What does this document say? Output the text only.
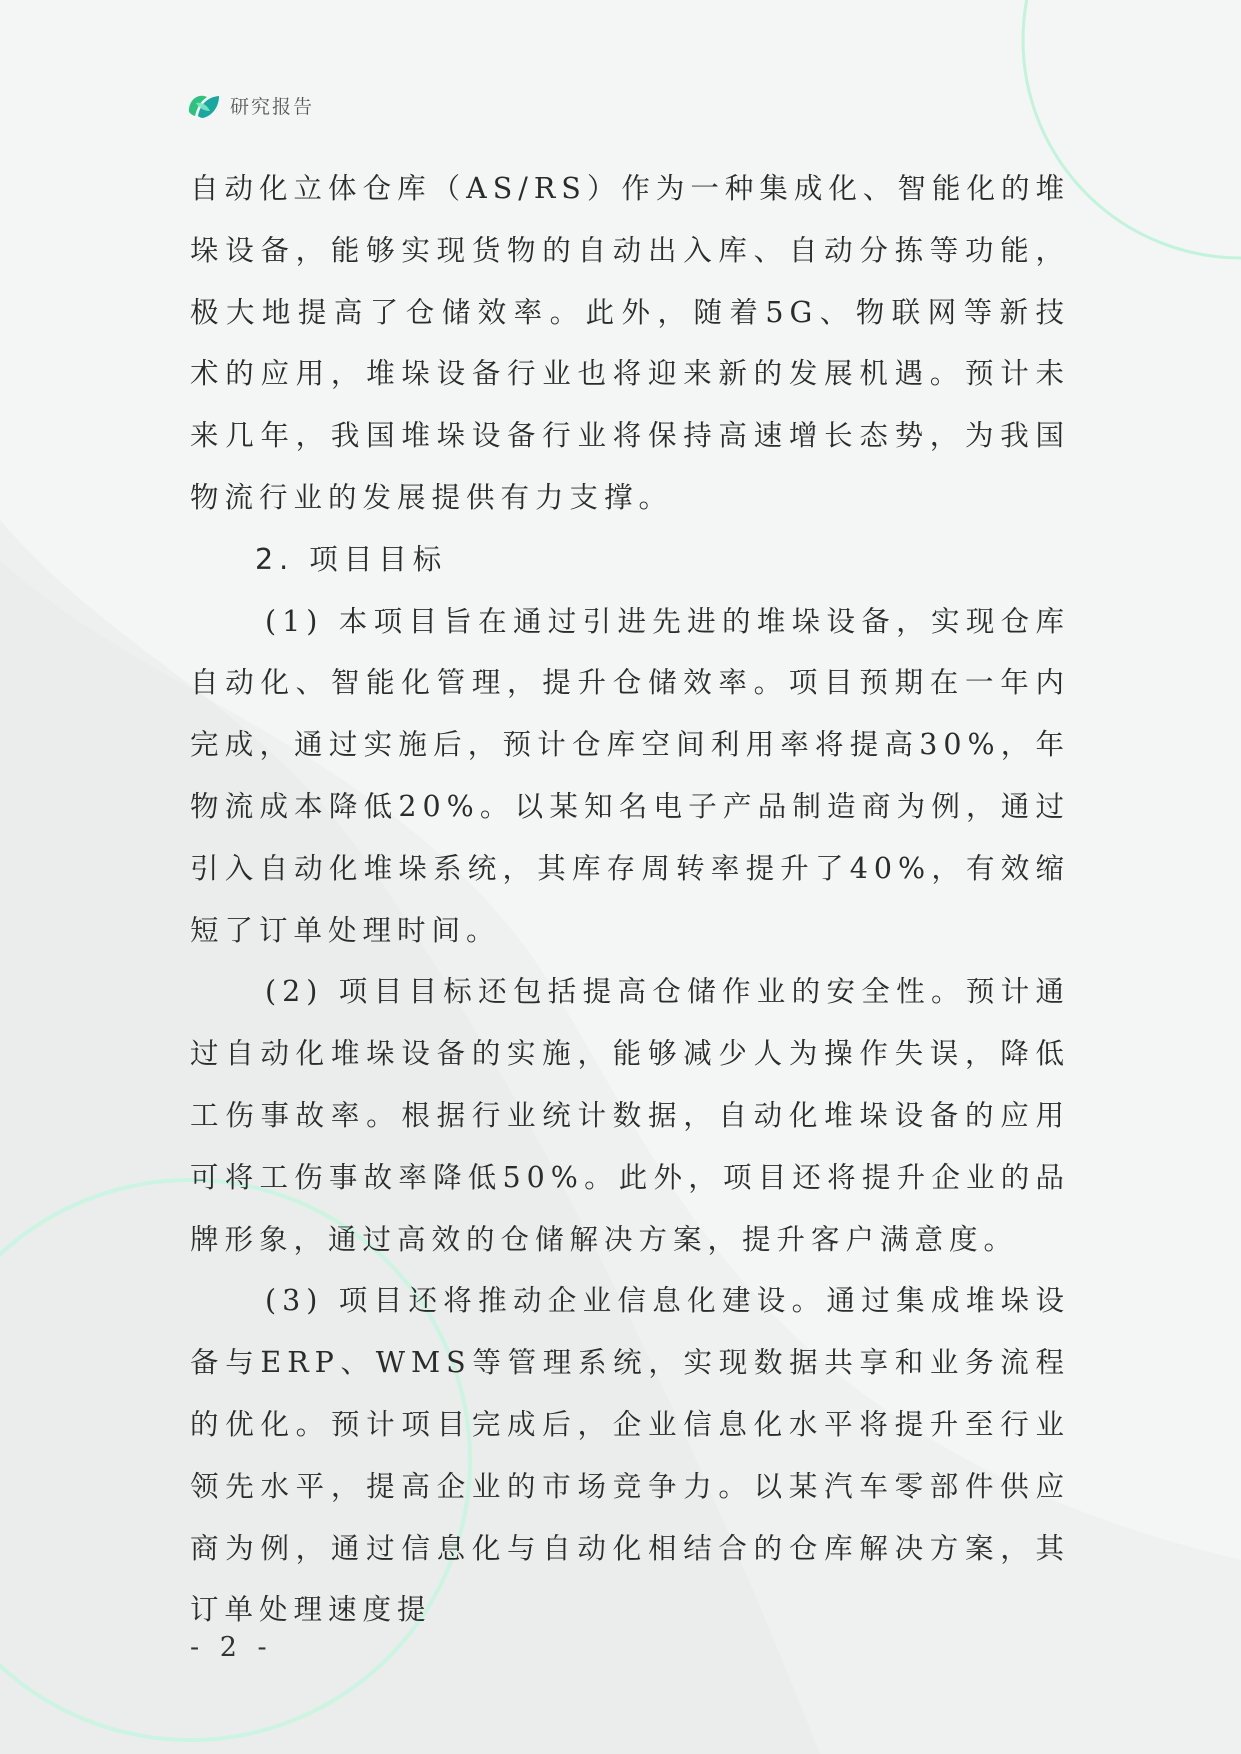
研究报告

自动化立体仓库（AS/RS）作为一种集成化、智能化的堆垛设备，能够实现货物的自动出入库、自动分拣等功能，极大地提高了仓储效率。此外，随着5G、物联网等新技术的应用，堆垛设备行业也将迎来新的发展机遇。预计未来几年，我国堆垛设备行业将保持高速增长态势，为我国物流行业的发展提供有力支撑。

2. 项目目标

(1) 本项目旨在通过引进先进的堆垛设备，实现仓库自动化、智能化管理，提升仓储效率。项目预期在一年内完成，通过实施后，预计仓库空间利用率将提高30%，年物流成本降低20%。以某知名电子产品制造商为例，通过引入自动化堆垛系统，其库存周转率提升了40%，有效缩短了订单处理时间。

(2) 项目目标还包括提高仓储作业的安全性。预计通过自动化堆垛设备的实施，能够减少人为操作失误，降低工伤事故率。根据行业统计数据，自动化堆垛设备的应用可将工伤事故率降低50%。此外，项目还将提升企业的品牌形象，通过高效的仓储解决方案，提升客户满意度。

(3) 项目还将推动企业信息化建设。通过集成堆垛设备与ERP、WMS等管理系统，实现数据共享和业务流程的优化。预计项目完成后，企业信息化水平将提升至行业领先水平，提高企业的市场竞争力。以某汽车零部件供应商为例，通过信息化与自动化相结合的仓库解决方案，其订单处理速度提

- 2 -
